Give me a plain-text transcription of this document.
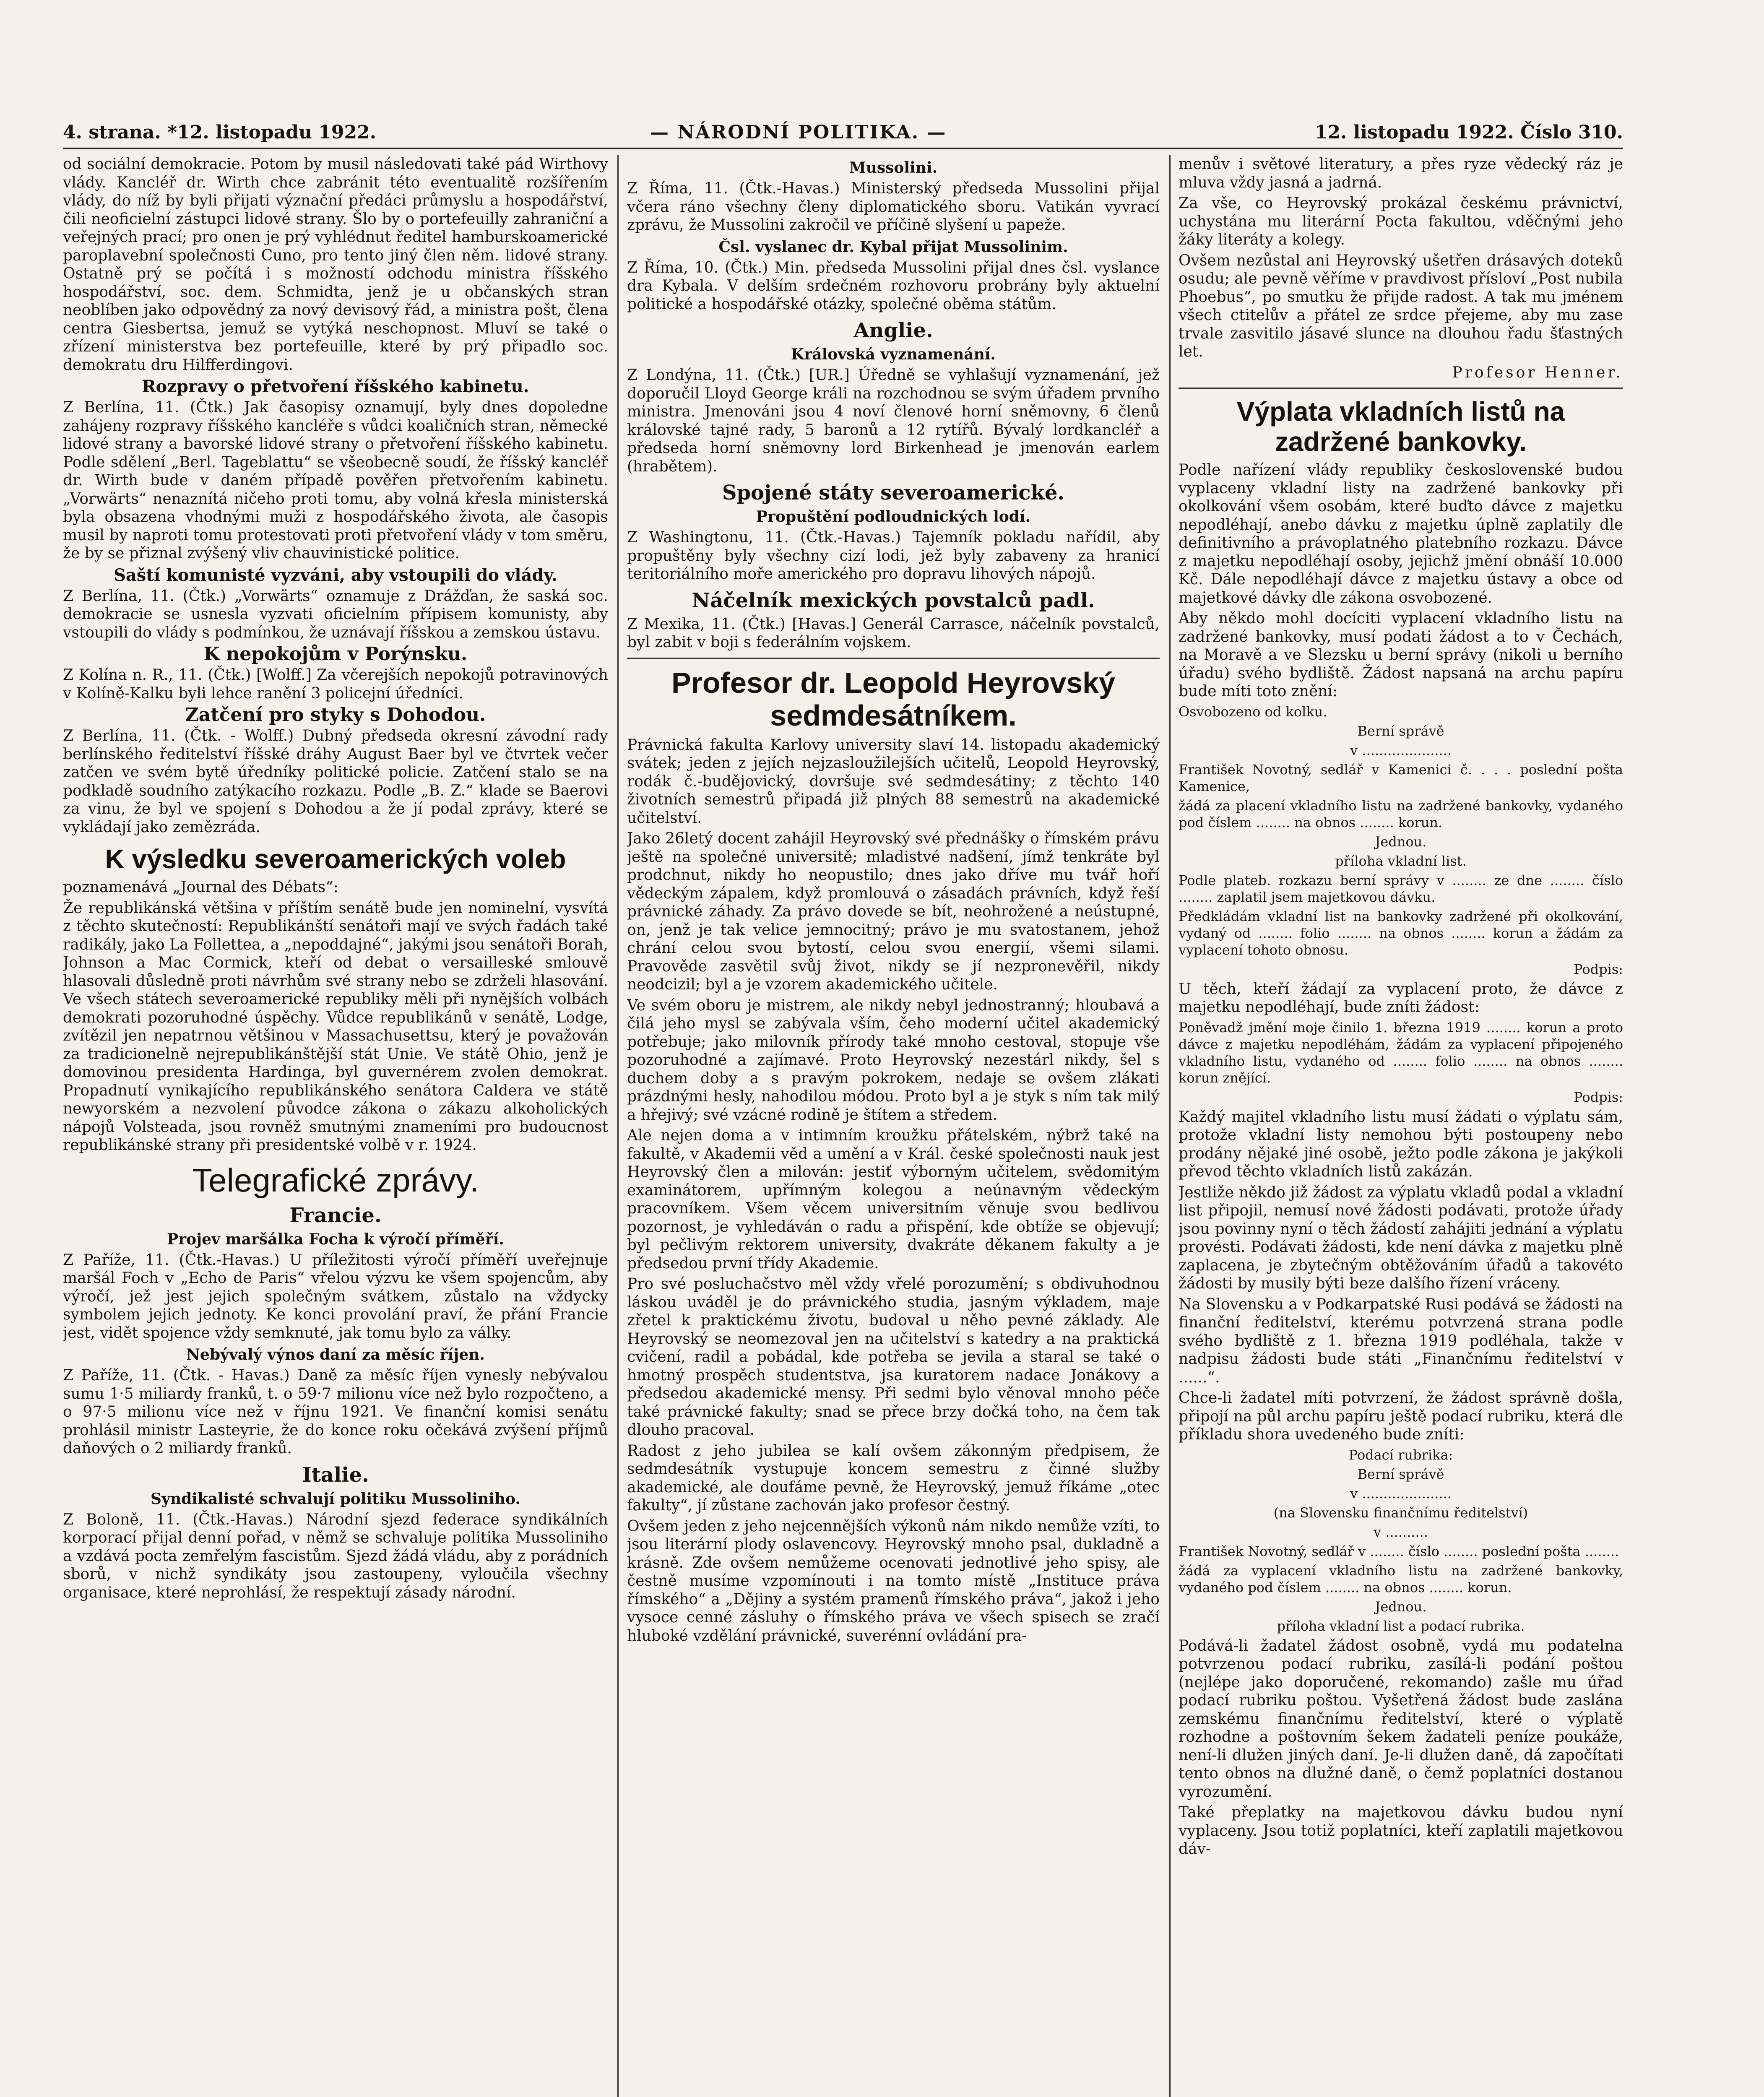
4. strana. *12. listopadu 1922.	— NÁRODNÍ POLITIKA. —	12. listopadu 1922. Číslo 310.

od sociální demokracie. Potom by musil následovati také pád Wirthovy vlády. Kancléř dr. Wirth chce zabránit této eventualitě rozšířením vlády, do níž by byli přijati význační předáci průmyslu a hospodářství, čili neoficielní zástupci lidové strany. Šlo by o portefeuilly zahraniční a veřejných prací; pro onen je prý vyhlédnut ředitel hamburskoamerické paroplavební společnosti Cuno, pro tento jiný člen něm. lidové strany. Ostatně prý se počítá i s možností odchodu ministra říšského hospodářství, soc. dem. Schmidta, jenž je u občanských stran neoblíben jako odpovědný za nový devisový řád, a ministra pošt, člena centra Giesbertsa, jemuž se vytýká neschopnost. Mluví se také o zřízení ministerstva bez portefeuille, které by prý připadlo soc. demokratu dru Hilfferdingovi.

Rozpravy o přetvoření říšského kabinetu.

Z Berlína, 11. (Čtk.) Jak časopisy oznamují, byly dnes dopoledne zahájeny rozpravy říšského kancléře s vůdci koaličních stran, německé lidové strany a bavorské lidové strany o přetvoření říšského kabinetu. Podle sdělení „Berl. Tageblattu“ se všeobecně soudí, že říšský kancléř dr. Wirth bude v daném případě pověřen přetvořením kabinetu. „Vorwärts“ nenaznítá ničeho proti tomu, aby volná křesla ministerská byla obsazena vhodnými muži z hospodářského života, ale časopis musil by naproti tomu protestovati proti přetvoření vlády v tom směru, že by se přiznal zvýšený vliv chauvinistické politice.

Saští komunisté vyzváni, aby vstoupili do vlády.

Z Berlína, 11. (Čtk.) „Vorwärts“ oznamuje z Drážďan, že saská soc. demokracie se usnesla vyzvati oficielním přípisem komunisty, aby vstoupili do vlády s podmínkou, že uznávají říšskou a zemskou ústavu.

K nepokojům v Porýnsku.

Z Kolína n. R., 11. (Čtk.) [Wolff.] Za včerejších nepokojů potravinových v Kolíně-Kalku byli lehce ranění 3 policejní úředníci.

Zatčení pro styky s Dohodou.

Z Berlína, 11. (Čtk. - Wolff.) Dubný předseda okresní závodní rady berlínského ředitelství říšské dráhy August Baer byl ve čtvrtek večer zatčen ve svém bytě úředníky politické policie. Zatčení stalo se na podkladě soudního zatýkacího rozkazu. Podle „B. Z.“ klade se Baerovi za vinu, že byl ve spojení s Dohodou a že jí podal zprávy, které se vykládají jako zemězráda.

K výsledku severoamerických voleb

poznamenává „Journal des Débats“:

Že republikánská většina v příštím senátě bude jen nominelní, vysvítá z těchto skutečností: Republikánští senátoři mají ve svých řadách také radikály, jako La Follettea, a „nepoddajné“, jakými jsou senátoři Borah, Johnson a Mac Cormick, kteří od debat o versailleské smlouvě hlasovali důsledně proti návrhům své strany nebo se zdrželi hlasování. Ve všech státech severoamerické republiky měli při nynějších volbách demokrati pozoruhodné úspěchy. Vůdce republikánů v senátě, Lodge, zvítězil jen nepatrnou většinou v Massachusettsu, který je považován za tradicionelně nejrepublikánštější stát Unie. Ve státě Ohio, jenž je domovinou presidenta Hardinga, byl guvernérem zvolen demokrat. Propadnutí vynikajícího republikánského senátora Caldera ve státě newyorském a nezvolení původce zákona o zákazu alkoholických nápojů Volsteada, jsou rovněž smutnými znameními pro budoucnost republikánské strany při presidentské volbě v r. 1924.

Telegrafické zprávy.
Francie.
Projev maršálka Focha k výročí příměří.

Z Paříže, 11. (Čtk.-Havas.) U příležitosti výročí příměří uveřejnuje maršál Foch v „Echo de Paris“ vřelou výzvu ke všem spojencům, aby výročí, jež jest jejich společným svátkem, zůstalo na vždycky symbolem jejich jednoty. Ke konci provolání praví, že přání Francie jest, vidět spojence vždy semknuté, jak tomu bylo za války.

Nebývalý výnos daní za měsíc říjen.

Z Paříže, 11. (Čtk. - Havas.) Daně za měsíc říjen vynesly nebývalou sumu 1·5 miliardy franků, t. o 59·7 milionu více než bylo rozpočteno, a o 97·5 milionu více než v říjnu 1921. Ve finanční komisi senátu prohlásil ministr Lasteyrie, že do konce roku očekává zvýšení příjmů daňových o 2 miliardy franků.

Italie.
Syndikalisté schvalují politiku Mussoliniho.

Z Boloně, 11. (Čtk.-Havas.) Národní sjezd federace syndikálních korporací přijal denní pořad, v němž se schvaluje politika Mussoliniho a vzdává pocta zemřelým fascistům. Sjezd žádá vládu, aby z porádních sborů, v nichž syndikáty jsou zastoupeny, vyloučila všechny organisace, které neprohlásí, že respektují zásady národní.

Mussolini.

Z Říma, 11. (Čtk.-Havas.) Ministerský předseda Mussolini přijal včera ráno všechny členy diplomatického sboru. Vatikán vyvrací zprávu, že Mussolini zakročil ve příčině slyšení u papeže.

Čsl. vyslanec dr. Kybal přijat Mussolinim.

Z Říma, 10. (Čtk.) Min. předseda Mussolini přijal dnes čsl. vyslance dra Kybala. V delším srdečném rozhovoru probrány byly aktuelní politické a hospodářské otázky, společné oběma státům.

Anglie.
Královská vyznamenání.

Z Londýna, 11. (Čtk.) [UR.] Úředně se vyhlašují vyznamenání, jež doporučil Lloyd George králi na rozchodnou se svým úřadem prvního ministra. Jmenováni jsou 4 noví členové horní sněmovny, 6 členů královské tajné rady, 5 baronů a 12 rytířů. Bývalý lordkancléř a předseda horní sněmovny lord Birkenhead je jmenován earlem (hrabětem).

Spojené státy severoamerické.
Propuštění podloudnických lodí.

Z Washingtonu, 11. (Čtk.-Havas.) Tajemník pokladu nařídil, aby propuštěny byly všechny cizí lodi, jež byly zabaveny za hranicí teritoriálního moře amerického pro dopravu lihových nápojů.

Náčelník mexických povstalců padl.

Z Mexika, 11. (Čtk.) [Havas.] Generál Carrasce, náčelník povstalců, byl zabit v boji s federálním vojskem.

Profesor dr. Leopold Heyrovský sedmdesátníkem.

Právnická fakulta Karlovy university slaví 14. listopadu akademický svátek; jeden z jejích nejzasloužilejších učitelů, Leopold Heyrovský, rodák č.-budějovický, dovršuje své sedmdesátiny; z těchto 140 životních semestrů připadá již plných 88 semestrů na akademické učitelství.

Jako 26letý docent zahájil Heyrovský své přednášky o římském právu ještě na společné universitě; mladistvé nadšení, jímž tenkráte byl prodchnut, nikdy ho neopustilo; dnes jako dříve mu tvář hoří vědeckým zápalem, když promlouvá o zásadách právních, když řeší právnické záhady. Za právo dovede se bít, neohrožené a neústupné, on, jenž je tak velice jemnocitný; právo je mu svatostanem, jehož chrání celou svou bytostí, celou svou energií, všemi silami. Pravověde zasvětil svůj život, nikdy se jí nezpronevěřil, nikdy neodcizil; byl a je vzorem akademického učitele.

Ve svém oboru je mistrem, ale nikdy nebyl jednostranný; hloubavá a čilá jeho mysl se zabývala vším, čeho moderní učitel akademický potřebuje; jako milovník přírody také mnoho cestoval, stopuje vše pozoruhodné a zajímavé. Proto Heyrovský nezestárl nikdy, šel s duchem doby a s pravým pokrokem, nedaje se ovšem zlákati prázdnými hesly, nahodilou módou. Proto byl a je styk s ním tak milý a hřejivý; své vzácné rodině je štítem a středem.

Ale nejen doma a v intimním kroužku přátelském, nýbrž také na fakultě, v Akademii věd a umění a v Král. české společnosti nauk jest Heyrovský člen a milován: jestiť výborným učitelem, svědomitým examinátorem, upřímným kolegou a neúnavným vědeckým pracovníkem. Všem věcem universitním věnuje svou bedlivou pozornost, je vyhledáván o radu a přispění, kde obtíže se objevují; byl pečlivým rektorem university, dvakráte děkanem fakulty a je předsedou první třídy Akademie.

Pro své posluchačstvo měl vždy vřelé porozumění; s obdivuhodnou láskou uváděl je do právnického studia, jasným výkladem, maje zřetel k praktickému životu, budoval u něho pevné základy. Ale Heyrovský se neomezoval jen na učitelství s katedry a na praktická cvičení, radil a pobádal, kde potřeba se jevila a staral se také o hmotný prospěch studentstva, jsa kuratorem nadace Jonákovy a předsedou akademické mensy. Při sedmi bylo věnoval mnoho péče také právnické fakulty; snad se přece brzy dočká toho, na čem tak dlouho pracoval.

Radost z jeho jubilea se kalí ovšem zákonným předpisem, že sedmdesátník vystupuje koncem semestru z činné služby akademické, ale doufáme pevně, že Heyrovský, jemuž říkáme „otec fakulty“, jí zůstane zachován jako profesor čestný.

Ovšem jeden z jeho nejcennějších výkonů nám nikdo nemůže vzíti, to jsou literární plody oslavencovy. Heyrovský mnoho psal, dukladně a krásně. Zde ovšem nemůžeme ocenovati jednotlivé jeho spisy, ale čestně musíme vzpomínouti i na tomto místě „Instituce práva římského“ a „Dějiny a systém pramenů římského práva“, jakož i jeho vysoce cenné zásluhy o římského práva ve všech spisech se zračí hluboké vzdělání právnické, suverénní ovládání pra-

menův i světové literatury, a přes ryze vědecký ráz je mluva vždy jasná a jadrná.

Za vše, co Heyrovský prokázal českému právnictví, uchystána mu literární Pocta fakultou, vděčnými jeho žáky literáty a kolegy.

Ovšem nezůstal ani Heyrovský ušetřen drásavých doteků osudu; ale pevně věříme v pravdivost přísloví „Post nubila Phoebus“, po smutku že přijde radost. A tak mu jménem všech ctitelův a přátel ze srdce přejeme, aby mu zase trvale zasvitilo jásavé slunce na dlouhou řadu šťastných let.

Profesor Henner.

Výplata vkladních listů na zadržené bankovky.

Podle nařízení vlády republiky československé budou vyplaceny vkladní listy na zadržené bankovky při okolkování všem osobám, které buďto dávce z majetku nepodléhají, anebo dávku z majetku úplně zaplatily dle definitivního a právoplatného platebního rozkazu. Dávce z majetku nepodléhají osoby, jejichž jmění obnáší 10.000 Kč. Dále nepodléhají dávce z majetku ústavy a obce od majetkové dávky dle zákona osvobozené.

Aby někdo mohl docíciti vyplacení vkladního listu na zadržené bankovky, musí podati žádost a to v Čechách, na Moravě a ve Slezsku u berní správy (nikoli u berního úřadu) svého bydliště. Žádost napsaná na archu papíru bude míti toto znění:

Osvobozeno od kolku.

Berní správě

v .....................

František Novotný, sedlář v Kamenici č. . . . poslední pošta Kamenice,

žádá za placení vkladního listu na zadržené bankovky, vydaného pod číslem ........ na obnos ........ korun.

Jednou.

příloha vkladní list.

Podle plateb. rozkazu berní správy v ........ ze dne ........ číslo ........ zaplatil jsem majetkovou dávku.

Předkládám vkladní list na bankovky zadržené při okolkování, vydaný od ........ folio ........ na obnos ........ korun a žádám za vyplacení tohoto obnosu.

Podpis:

U těch, kteří žádají za vyplacení proto, že dávce z majetku nepodléhají, bude zníti žádost:

Poněvadž jmění moje činilo 1. března 1919 ........ korun a proto dávce z majetku nepodléhám, žádám za vyplacení připojeného vkladního listu, vydaného od ........ folio ........ na obnos ........ korun znějící.

Podpis:

Každý majitel vkladního listu musí žádati o výplatu sám, protože vkladní listy nemohou býti postoupeny nebo prodány nějaké jiné osobě, ježto podle zákona je jakýkoli převod těchto vkladních listů zakázán.

Jestliže někdo již žádost za výplatu vkladů podal a vkladní list připojil, nemusí nové žádosti podávati, protože úřady jsou povinny nyní o těch žádostí zahájiti jednání a výplatu provésti. Podávati žádosti, kde není dávka z majetku plně zaplacena, je zbytečným obtěžováním úřadů a takovéto žádosti by musily býti beze dalšího řízení vráceny.

Na Slovensku a v Podkarpatské Rusi podává se žádosti na finanční ředitelství, kterému potvrzená strana podle svého bydliště z 1. března 1919 podléhala, takže v nadpisu žádosti bude státi „Finančnímu ředitelství v ......“.

Chce-li žadatel míti potvrzení, že žádost správně došla, připojí na půl archu papíru ještě podací rubriku, která dle příkladu shora uvedeného bude zníti:

Podací rubrika:

Berní správě

v .....................

(na Slovensku finančnímu ředitelství)

v ..........

František Novotný, sedlář v ........ číslo ........ poslední pošta ........

žádá za vyplacení vkladního listu na zadržené bankovky, vydaného pod číslem ........ na obnos ........ korun.

Jednou.

příloha vkladní list a podací rubrika.

Podává-li žadatel žádost osobně, vydá mu podatelna potvrzenou podací rubriku, zasílá-li podání poštou (nejlépe jako doporučené, rekomando) zašle mu úřad podací rubriku poštou. Vyšetřená žádost bude zaslána zemskému finančnímu ředitelství, které o výplatě rozhodne a poštovním šekem žadateli peníze poukáže, není-li dlužen jiných daní. Je-li dlužen daně, dá započítati tento obnos na dlužné daně, o čemž poplatníci dostanou vyrozumění.

Také přeplatky na majetkovou dávku budou nyní vyplaceny. Jsou totiž poplatníci, kteří zaplatili majetkovou dáv-
